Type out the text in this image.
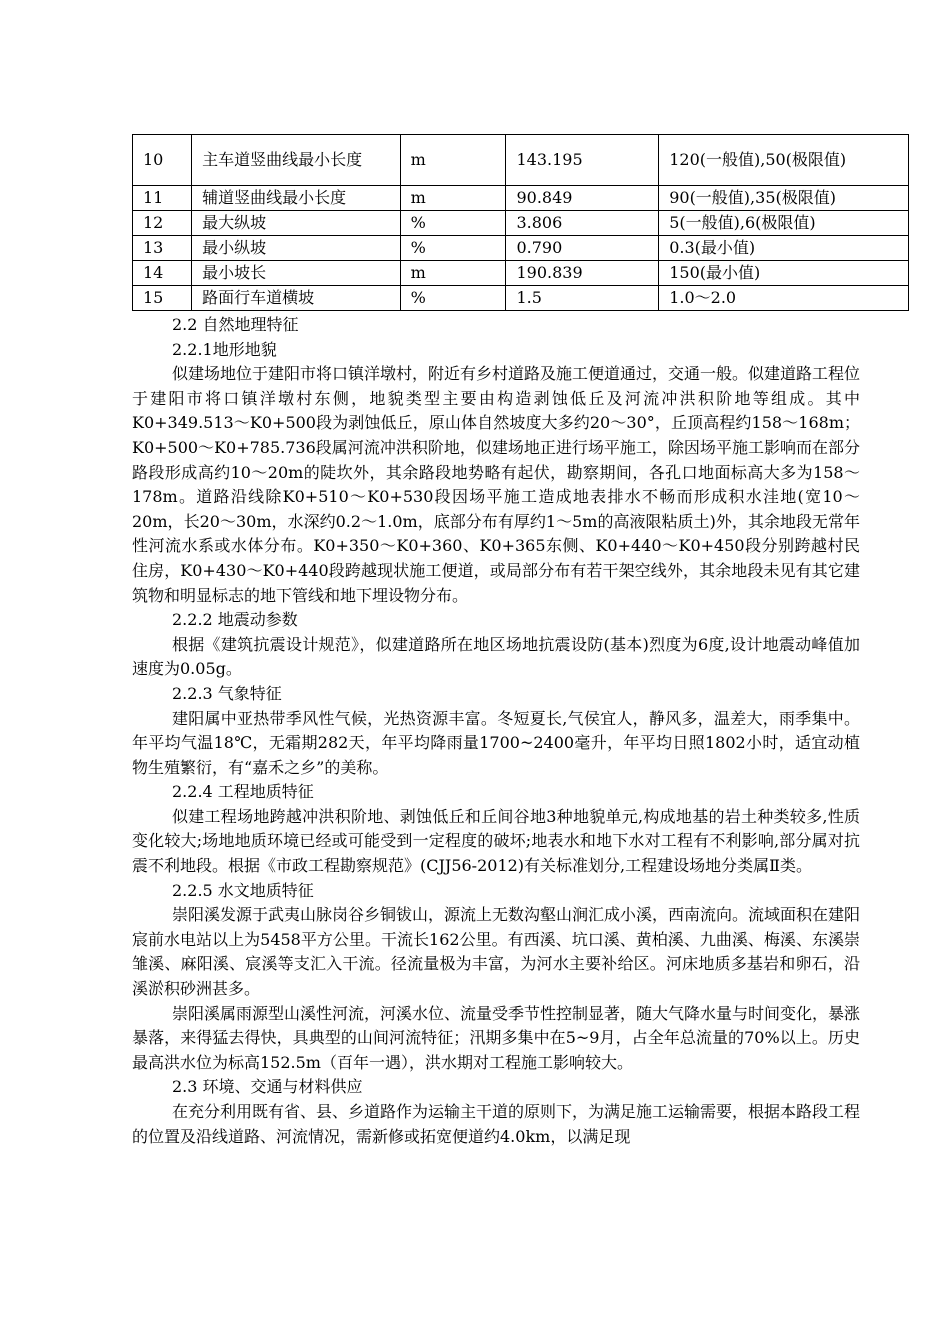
10	主车道竖曲线最小长度	m	143.195	120(一般值),50(极限值)
11	辅道竖曲线最小长度	m	90.849	90(一般值),35(极限值)
12	最大纵坡	%	3.806	5(一般值),6(极限值)
13	最小纵坡	%	0.790	0.3(最小值)
14	最小坡长	m	190.839	150(最小值)
15	路面行车道横坡	%	1.5	1.0～2.0

2.2 自然地理特征

2.2.1地形地貌

似建场地位于建阳市将口镇洋墩村，附近有乡村道路及施工便道通过，交通一般。似建道路工程位于建阳市将口镇洋墩村东侧，地貌类型主要由构造剥蚀低丘及河流冲洪积阶地等组成。其中K0+349.513～K0+500段为剥蚀低丘，原山体自然坡度大多约20～30°，丘顶高程约158～168m；K0+500～K0+785.736段属河流冲洪积阶地，似建场地正进行场平施工，除因场平施工影响而在部分路段形成高约10～20m的陡坎外，其余路段地势略有起伏，勘察期间，各孔口地面标高大多为158～178m。道路沿线除K0+510～K0+530段因场平施工造成地表排水不畅而形成积水洼地(宽10～20m，长20～30m，水深约0.2～1.0m，底部分布有厚约1～5m的高液限粘质土)外，其余地段无常年性河流水系或水体分布。K0+350～K0+360、K0+365东侧、K0+440～K0+450段分别跨越村民住房，K0+430～K0+440段跨越现状施工便道，或局部分布有若干架空线外，其余地段未见有其它建筑物和明显标志的地下管线和地下埋设物分布。

2.2.2 地震动参数

根据《建筑抗震设计规范》，似建道路所在地区场地抗震设防(基本)烈度为6度,设计地震动峰值加速度为0.05g。

2.2.3 气象特征

建阳属中亚热带季风性气候，光热资源丰富。冬短夏长,气侯宜人，静风多，温差大，雨季集中。年平均气温18℃，无霜期282天，年平均降雨量1700~2400毫升，年平均日照1802小时，适宜动植物生殖繁衍，有“嘉禾之乡”的美称。

2.2.4 工程地质特征

似建工程场地跨越冲洪积阶地、剥蚀低丘和丘间谷地3种地貌单元,构成地基的岩土种类较多,性质变化较大;场地地质环境已经或可能受到一定程度的破坏;地表水和地下水对工程有不利影响,部分属对抗震不利地段。根据《市政工程勘察规范》(CJJ56-2012)有关标准划分,工程建设场地分类属Ⅱ类。

2.2.5 水文地质特征

崇阳溪发源于武夷山脉岗谷乡铜钹山，源流上无数沟壑山涧汇成小溪，西南流向。流域面积在建阳宸前水电站以上为5458平方公里。干流长162公里。有西溪、坑口溪、黄柏溪、九曲溪、梅溪、东溪崇雏溪、麻阳溪、宸溪等支汇入干流。径流量极为丰富，为河水主要补给区。河床地质多基岩和卵石，沿溪淤积砂洲甚多。

崇阳溪属雨源型山溪性河流，河溪水位、流量受季节性控制显著，随大气降水量与时间变化，暴涨暴落，来得猛去得快，具典型的山间河流特征；汛期多集中在5~9月，占全年总流量的70%以上。历史最高洪水位为标高152.5m（百年一遇），洪水期对工程施工影响较大。

2.3 环境、交通与材料供应

在充分利用既有省、县、乡道路作为运输主干道的原则下，为满足施工运输需要，根据本路段工程的位置及沿线道路、河流情况，需新修或拓宽便道约4.0km，以满足现
